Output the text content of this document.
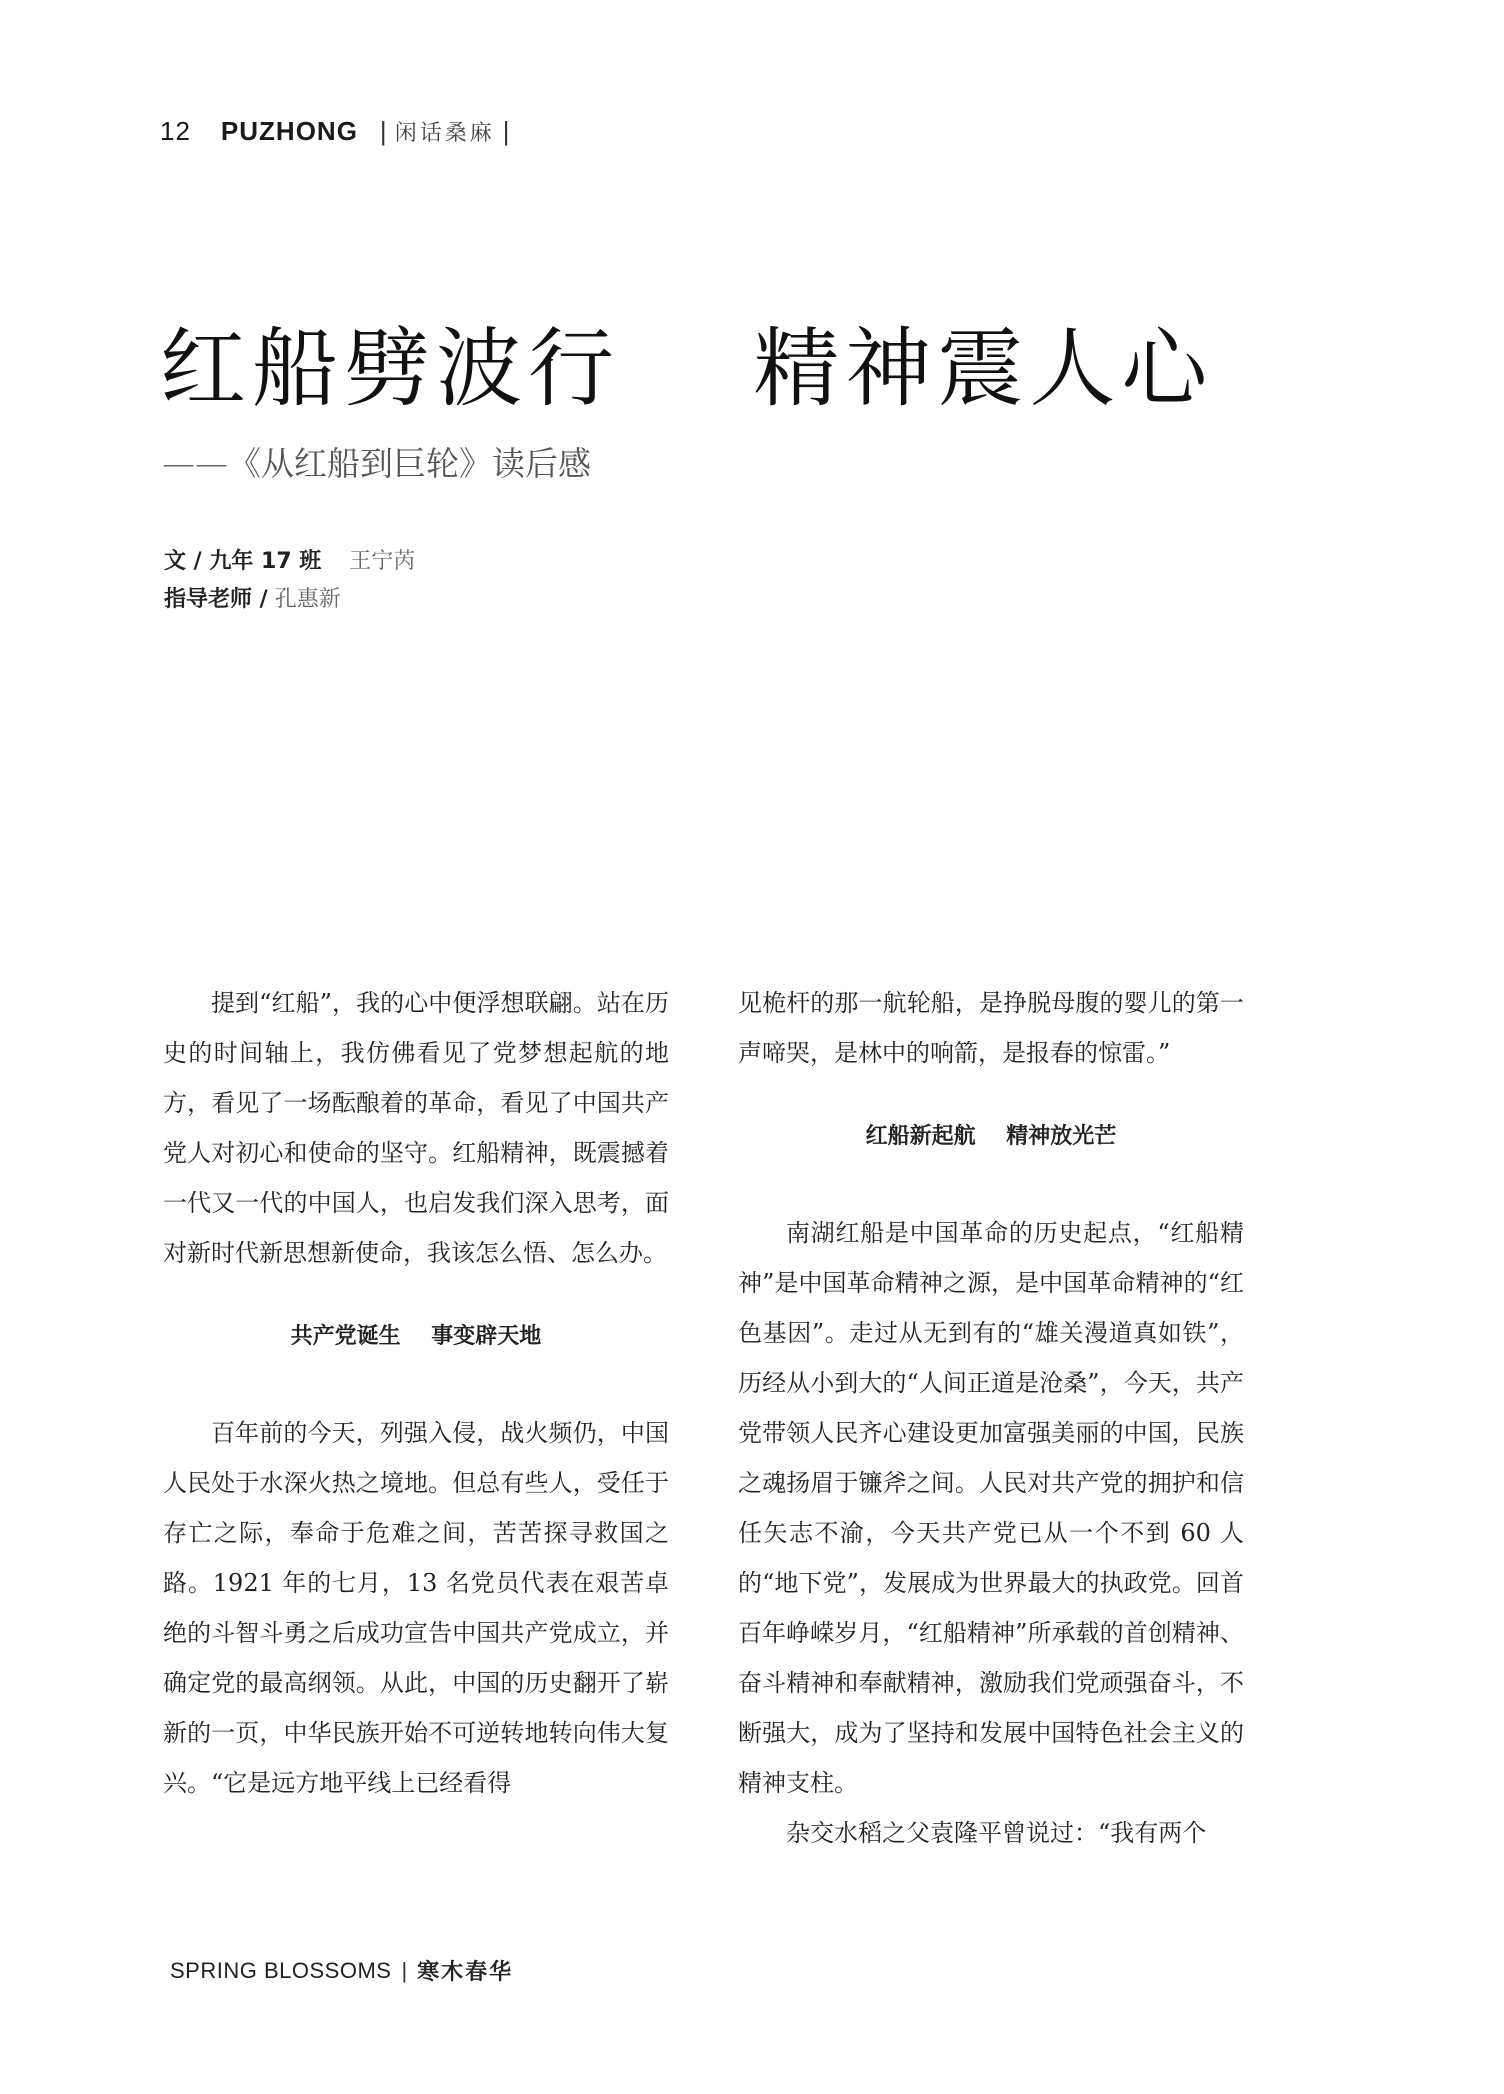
12 PUZHONG | 闲话桑麻 |
红船劈波行    精神震人心
——《从红船到巨轮》读后感
文 / 九年 17 班 王宁芮
指导老师 / 孔惠新

提到“红船”，我的心中便浮想联翩。站在历史的时间轴上，我仿佛看见了党梦想起航的地方，看见了一场酝酿着的革命，看见了中国共产党人对初心和使命的坚守。红船精神，既震撼着一代又一代的中国人，也启发我们深入思考，面对新时代新思想新使命，我该怎么悟、怎么办。

共产党诞生    事变辟天地

百年前的今天，列强入侵，战火频仍，中国人民处于水深火热之境地。但总有些人，受任于存亡之际，奉命于危难之间，苦苦探寻救国之路。1921 年的七月，13 名党员代表在艰苦卓绝的斗智斗勇之后成功宣告中国共产党成立，并确定党的最高纲领。从此，中国的历史翻开了崭新的一页，中华民族开始不可逆转地转向伟大复兴。“它是远方地平线上已经看得

见桅杆的那一航轮船，是挣脱母腹的婴儿的第一声啼哭，是林中的响箭，是报春的惊雷。”

红船新起航    精神放光芒

南湖红船是中国革命的历史起点，“红船精神”是中国革命精神之源，是中国革命精神的“红色基因”。走过从无到有的“雄关漫道真如铁”，历经从小到大的“人间正道是沧桑”，今天，共产党带领人民齐心建设更加富强美丽的中国，民族之魂扬眉于镰斧之间。人民对共产党的拥护和信任矢志不渝，今天共产党已从一个不到 60 人的“地下党”，发展成为世界最大的执政党。回首百年峥嵘岁月，“红船精神”所承载的首创精神、奋斗精神和奉献精神，激励我们党顽强奋斗，不断强大，成为了坚持和发展中国特色社会主义的精神支柱。

杂交水稻之父袁隆平曾说过：“我有两个

SPRING BLOSSOMS | 寒木春华
